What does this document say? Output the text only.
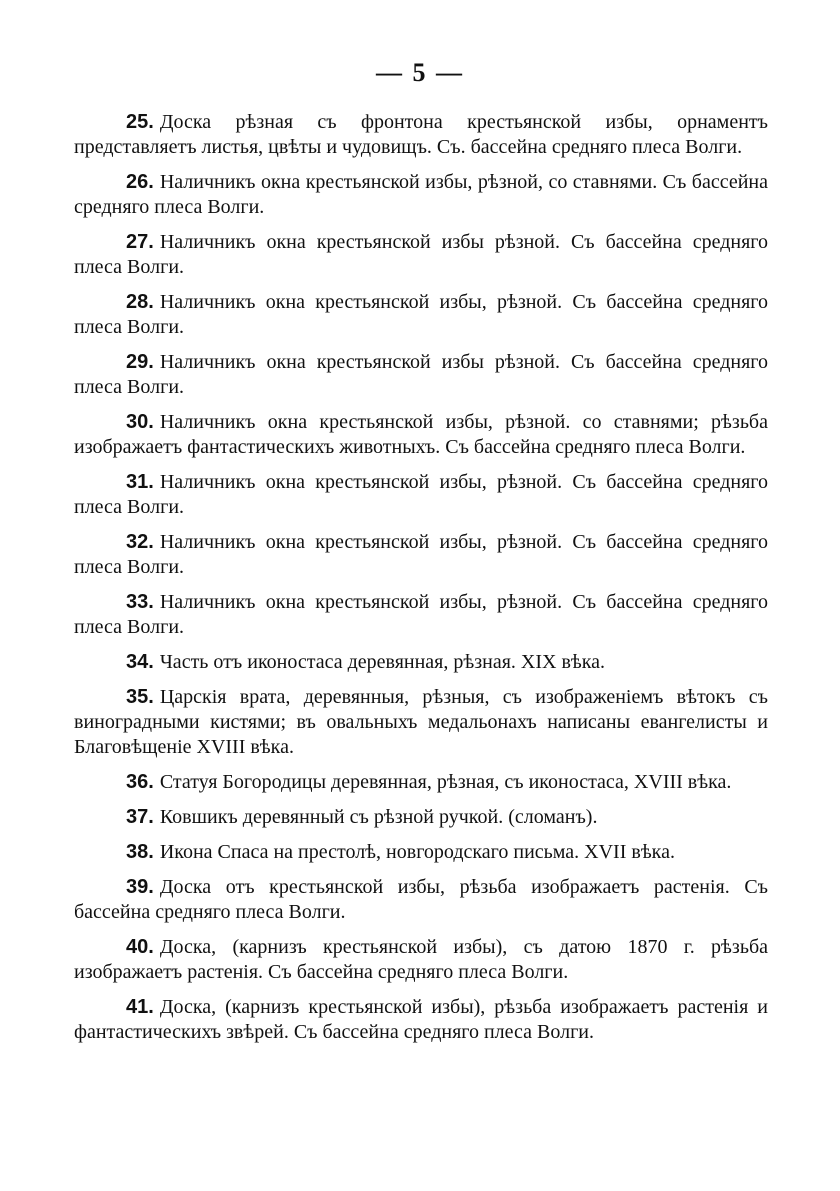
— 5 —
25. Доска рѣзная съ фронтона крестьянской избы, орнаментъ представляетъ листья, цвѣты и чудовищъ. Съ. бассейна средняго плеса Волги.
26. Наличникъ окна крестьянской избы, рѣзной, со ставнями. Съ бассейна средняго плеса Волги.
27. Наличникъ окна крестьянской избы рѣзной. Съ бассейна средняго плеса Волги.
28. Наличникъ окна крестьянской избы, рѣзной. Съ бассейна средняго плеса Волги.
29. Наличникъ окна крестьянской избы рѣзной. Съ бассейна средняго плеса Волги.
30. Наличникъ окна крестьянской избы, рѣзной. со ставнями; рѣзьба изображаетъ фантастическихъ животныхъ. Съ бассейна средняго плеса Волги.
31. Наличникъ окна крестьянской избы, рѣзной. Съ бассейна средняго плеса Волги.
32. Наличникъ окна крестьянской избы, рѣзной. Съ бассейна средняго плеса Волги.
33. Наличникъ окна крестьянской избы, рѣзной. Съ бассейна средняго плеса Волги.
34. Часть отъ иконостаса деревянная, рѣзная. XIX вѣка.
35. Царскія врата, деревянныя, рѣзныя, съ изображеніемъ вѣтокъ съ виноградными кистями; въ овальныхъ медальонахъ написаны евангелисты и Благовѣщеніе XVIII вѣка.
36. Статуя Богородицы деревянная, рѣзная, съ иконостаса, XVIII вѣка.
37. Ковшикъ деревянный съ рѣзной ручкой. (сломанъ).
38. Икона Спаса на престолѣ, новгородскаго письма. XVII вѣка.
39. Доска отъ крестьянской избы, рѣзьба изображаетъ растенія. Съ бассейна средняго плеса Волги.
40. Доска, (карнизъ крестьянской избы), съ датою 1870 г. рѣзьба изображаетъ растенія. Съ бассейна средняго плеса Волги.
41. Доска, (карнизъ крестьянской избы), рѣзьба изображаетъ растенія и фантастическихъ звѣрей. Съ бассейна средняго плеса Волги.
